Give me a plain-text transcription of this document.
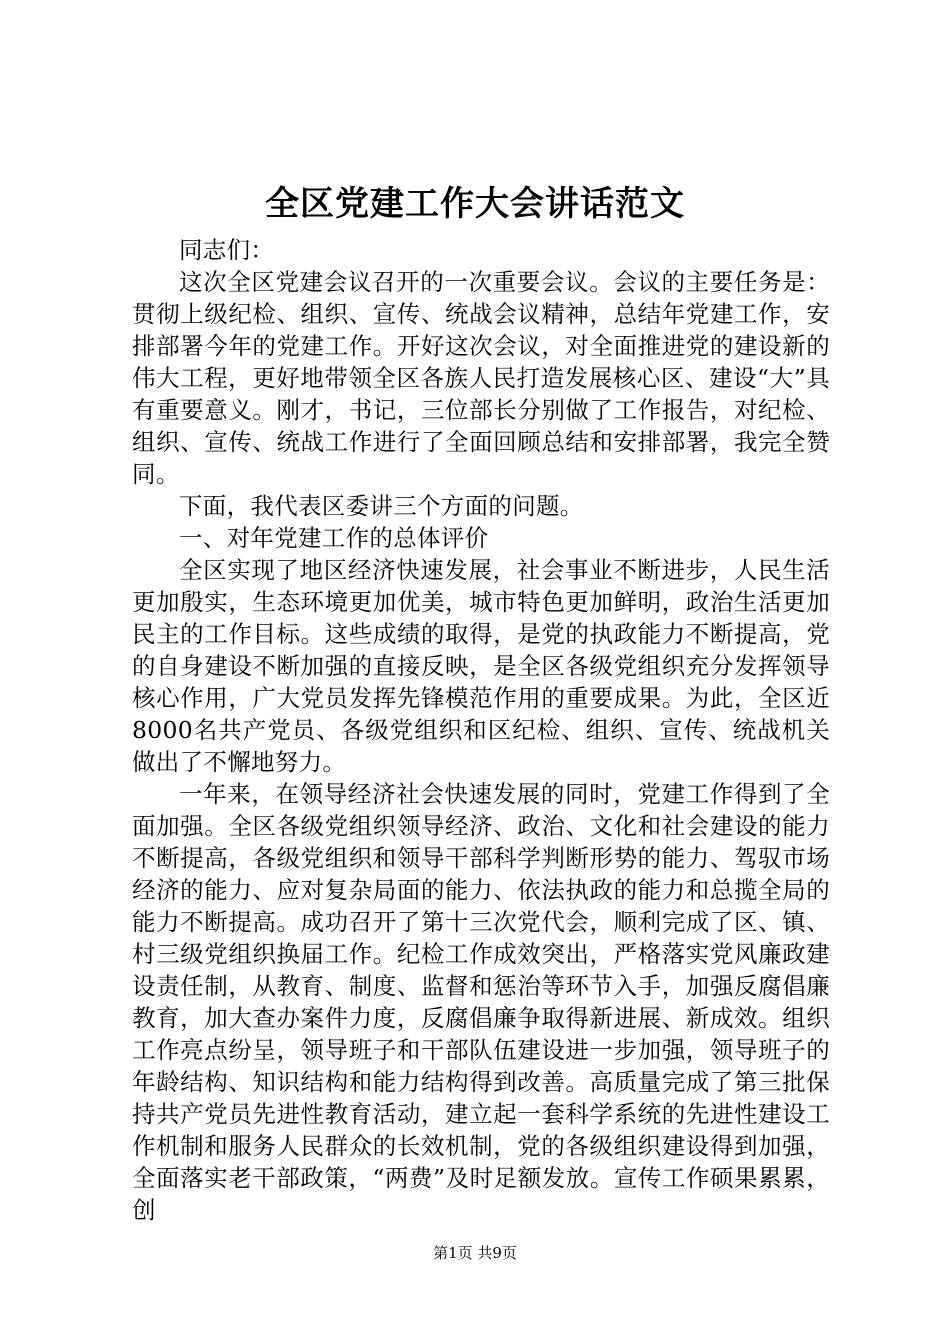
全区党建工作大会讲话范文

同志们：

这次全区党建会议召开的一次重要会议。会议的主要任务是：贯彻上级纪检、组织、宣传、统战会议精神，总结年党建工作，安排部署今年的党建工作。开好这次会议，对全面推进党的建设新的伟大工程，更好地带领全区各族人民打造发展核心区、建设“大”具有重要意义。刚才，书记，三位部长分别做了工作报告，对纪检、组织、宣传、统战工作进行了全面回顾总结和安排部署，我完全赞同。

下面，我代表区委讲三个方面的问题。

一、对年党建工作的总体评价

全区实现了地区经济快速发展，社会事业不断进步，人民生活更加殷实，生态环境更加优美，城市特色更加鲜明，政治生活更加民主的工作目标。这些成绩的取得，是党的执政能力不断提高，党的自身建设不断加强的直接反映，是全区各级党组织充分发挥领导核心作用，广大党员发挥先锋模范作用的重要成果。为此，全区近8000名共产党员、各级党组织和区纪检、组织、宣传、统战机关做出了不懈地努力。

一年来，在领导经济社会快速发展的同时，党建工作得到了全面加强。全区各级党组织领导经济、政治、文化和社会建设的能力不断提高，各级党组织和领导干部科学判断形势的能力、驾驭市场经济的能力、应对复杂局面的能力、依法执政的能力和总揽全局的能力不断提高。成功召开了第十三次党代会，顺利完成了区、镇、村三级党组织换届工作。纪检工作成效突出，严格落实党风廉政建设责任制，从教育、制度、监督和惩治等环节入手，加强反腐倡廉教育，加大查办案件力度，反腐倡廉争取得新进展、新成效。组织工作亮点纷呈，领导班子和干部队伍建设进一步加强，领导班子的年龄结构、知识结构和能力结构得到改善。高质量完成了第三批保持共产党员先进性教育活动，建立起一套科学系统的先进性建设工作机制和服务人民群众的长效机制，党的各级组织建设得到加强，全面落实老干部政策，“两费”及时足额发放。宣传工作硕果累累，创

第1页 共9页
